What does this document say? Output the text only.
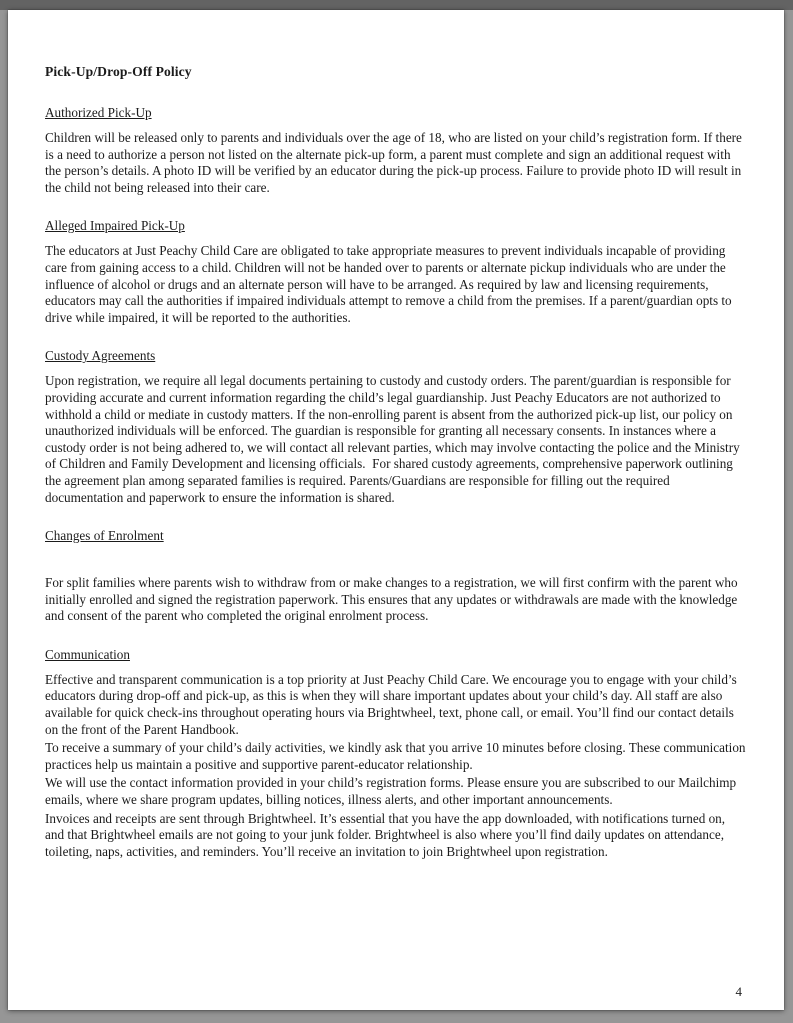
Pick-Up/Drop-Off Policy
Authorized Pick-Up

Children will be released only to parents and individuals over the age of 18, who are listed on your child’s registration form. If there is a need to authorize a person not listed on the alternate pick-up form, a parent must complete and sign an additional request with the person’s details. A photo ID will be verified by an educator during the pick-up process. Failure to provide photo ID will result in the child not being released into their care.

Alleged Impaired Pick-Up

The educators at Just Peachy Child Care are obligated to take appropriate measures to prevent individuals incapable of providing care from gaining access to a child. Children will not be handed over to parents or alternate pickup individuals who are under the influence of alcohol or drugs and an alternate person will have to be arranged. As required by law and licensing requirements, educators may call the authorities if impaired individuals attempt to remove a child from the premises. If a parent/guardian opts to drive while impaired, it will be reported to the authorities.

Custody Agreements

Upon registration, we require all legal documents pertaining to custody and custody orders. The parent/guardian is responsible for providing accurate and current information regarding the child’s legal guardianship. Just Peachy Educators are not authorized to withhold a child or mediate in custody matters. If the non-enrolling parent is absent from the authorized pick-up list, our policy on unauthorized individuals will be enforced. The guardian is responsible for granting all necessary consents. In instances where a custody order is not being adhered to, we will contact all relevant parties, which may involve contacting the police and the Ministry of Children and Family Development and licensing officials.  For shared custody agreements, comprehensive paperwork outlining the agreement plan among separated families is required. Parents/Guardians are responsible for filling out the required documentation and paperwork to ensure the information is shared.

Changes of Enrolment

For split families where parents wish to withdraw from or make changes to a registration, we will first confirm with the parent who initially enrolled and signed the registration paperwork. This ensures that any updates or withdrawals are made with the knowledge and consent of the parent who completed the original enrolment process.

Communication

Effective and transparent communication is a top priority at Just Peachy Child Care. We encourage you to engage with your child’s educators during drop-off and pick-up, as this is when they will share important updates about your child’s day. All staff are also available for quick check-ins throughout operating hours via Brightwheel, text, phone call, or email. You’ll find our contact details on the front of the Parent Handbook.

To receive a summary of your child’s daily activities, we kindly ask that you arrive 10 minutes before closing. These communication practices help us maintain a positive and supportive parent-educator relationship.

We will use the contact information provided in your child’s registration forms. Please ensure you are subscribed to our Mailchimp emails, where we share program updates, billing notices, illness alerts, and other important announcements.

Invoices and receipts are sent through Brightwheel. It’s essential that you have the app downloaded, with notifications turned on, and that Brightwheel emails are not going to your junk folder. Brightwheel is also where you’ll find daily updates on attendance, toileting, naps, activities, and reminders. You’ll receive an invitation to join Brightwheel upon registration.

4
